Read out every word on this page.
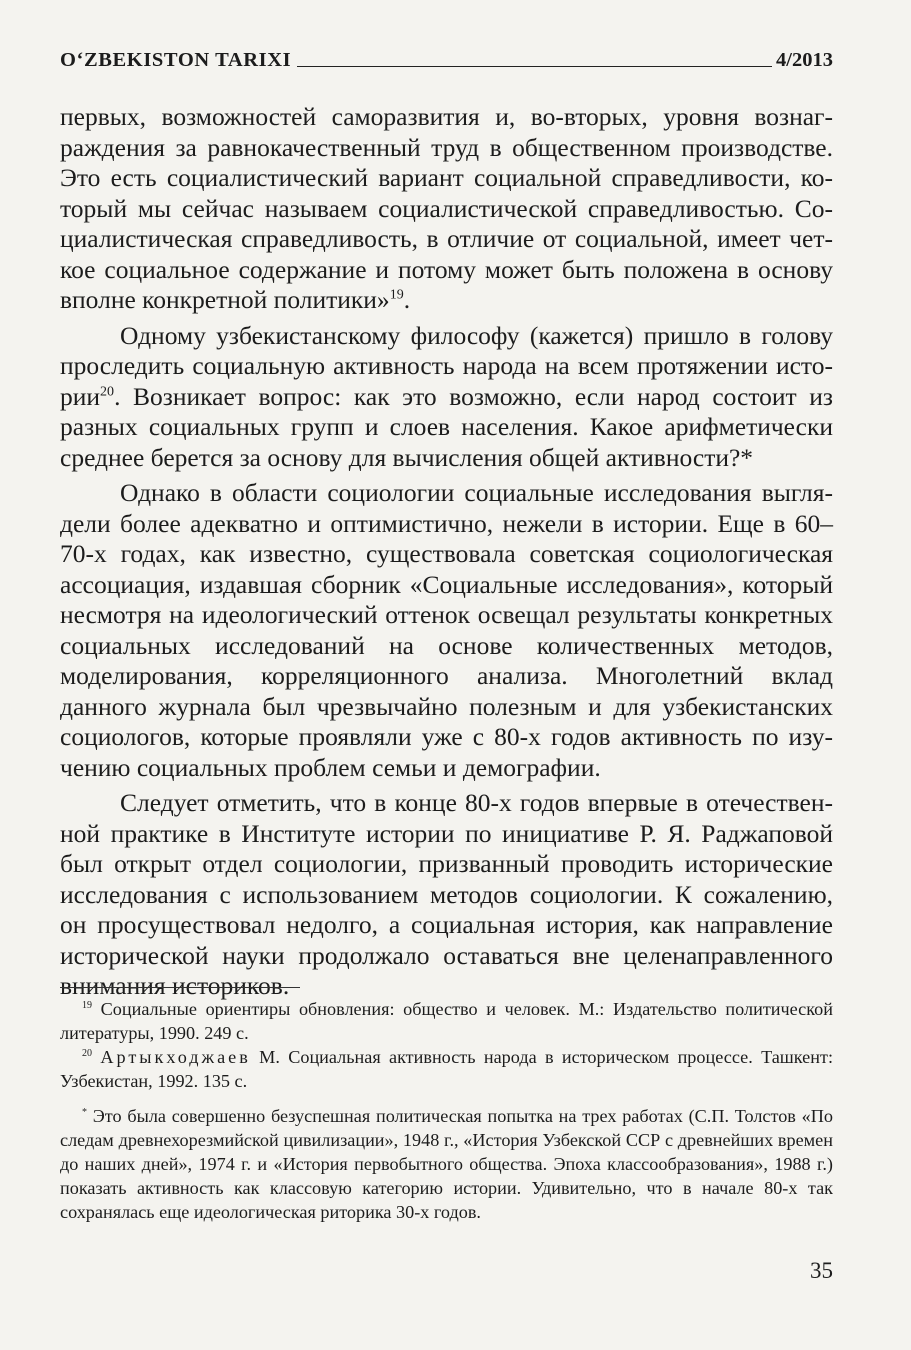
O‘ZBEKISTON TARIXI	4/2013

первых, возможностей саморазвития и, во-вторых, уровня вознаграждения за равнокачественный труд в общественном производстве. Это есть социалистический вариант социальной справедливости, который мы сейчас называем социалистической справедливостью. Социалистическая справедливость, в отличие от социальной, имеет четкое социальное содержание и потому может быть положена в основу вполне конкретной политики»$^{19}$.

Одному узбекистанскому философу (кажется) пришло в голову проследить социальную активность народа на всем протяжении истории$^{20}$. Возникает вопрос: как это возможно, если народ состоит из разных социальных групп и слоев населения. Какое арифметически среднее берется за основу для вычисления общей активности?*

Однако в области социологии социальные исследования выглядели более адекватно и оптимистично, нежели в истории. Еще в 60–70-х годах, как известно, существовала советская социологическая ассоциация, издавшая сборник «Социальные исследования», который несмотря на идеологический оттенок освещал результаты конкретных социальных исследований на основе количественных методов, моделирования, корреляционного анализа. Многолетний вклад данного журнала был чрезвычайно полезным и для узбекистанских социологов, которые проявляли уже с 80-х годов активность по изучению социальных проблем семьи и демографии.

Следует отметить, что в конце 80-х годов впервые в отечественной практике в Институте истории по инициативе Р. Я. Раджаповой был открыт отдел социологии, призванный проводить исторические исследования с использованием методов социологии. К сожалению, он просуществовал недолго, а социальная история, как направление исторической науки продолжало оставаться вне целенаправленного внимания историков.

$^{19}$ Социальные ориентиры обновления: общество и человек. М.: Издательство политической литературы, 1990. 249 с.

$^{20}$ Артыкходжаев М. Социальная активность народа в историческом процессе. Ташкент: Узбекистан, 1992. 135 с.

* Это была совершенно безуспешная политическая попытка на трех работах (С.П. Толстов «По следам древнехорезмийской цивилизации», 1948 г., «История Узбекской ССР с древнейших времен до наших дней», 1974 г. и «История первобытного общества. Эпоха классообразования», 1988 г.) показать активность как классовую категорию истории. Удивительно, что в начале 80-х так сохранялась еще идеологическая риторика 30-х годов.

35
